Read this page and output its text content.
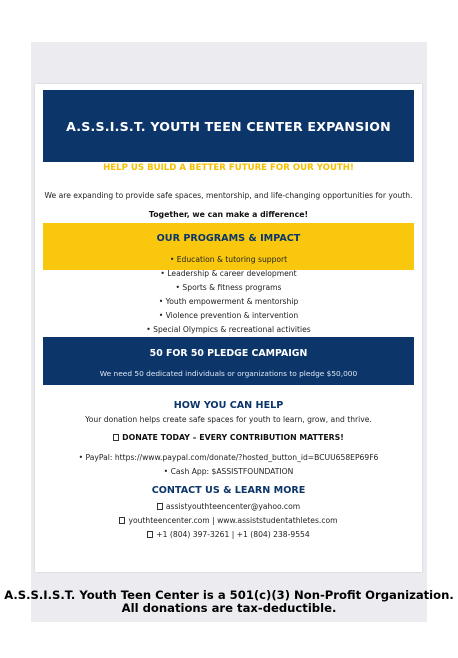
A.S.S.I.S.T. YOUTH TEEN CENTER EXPANSION
HELP US BUILD A BETTER FUTURE FOR OUR YOUTH!
We are expanding to provide safe spaces, mentorship, and life-changing opportunities for youth.
Together, we can make a difference!
OUR PROGRAMS & IMPACT
• Education & tutoring support
• Leadership & career development
• Sports & fitness programs
• Youth empowerment & mentorship
• Violence prevention & intervention
• Special Olympics & recreational activities
50 FOR 50 PLEDGE CAMPAIGN
We need 50 dedicated individuals or organizations to pledge $50,000
HOW YOU CAN HELP
Your donation helps create safe spaces for youth to learn, grow, and thrive.
DONATE TODAY – EVERY CONTRIBUTION MATTERS!
• PayPal: https://www.paypal.com/donate/?hosted_button_id=BCUU658EP69F6
• Cash App: $ASSISTFOUNDATION
CONTACT US & LEARN MORE
assistyouthteencenter@yahoo.com
youthteencenter.com | www.assiststudentathletes.com
+1 (804) 397-3261 | +1 (804) 238-9554
A.S.S.I.S.T. Youth Teen Center is a 501(c)(3) Non-Profit Organization.
All donations are tax-deductible.
